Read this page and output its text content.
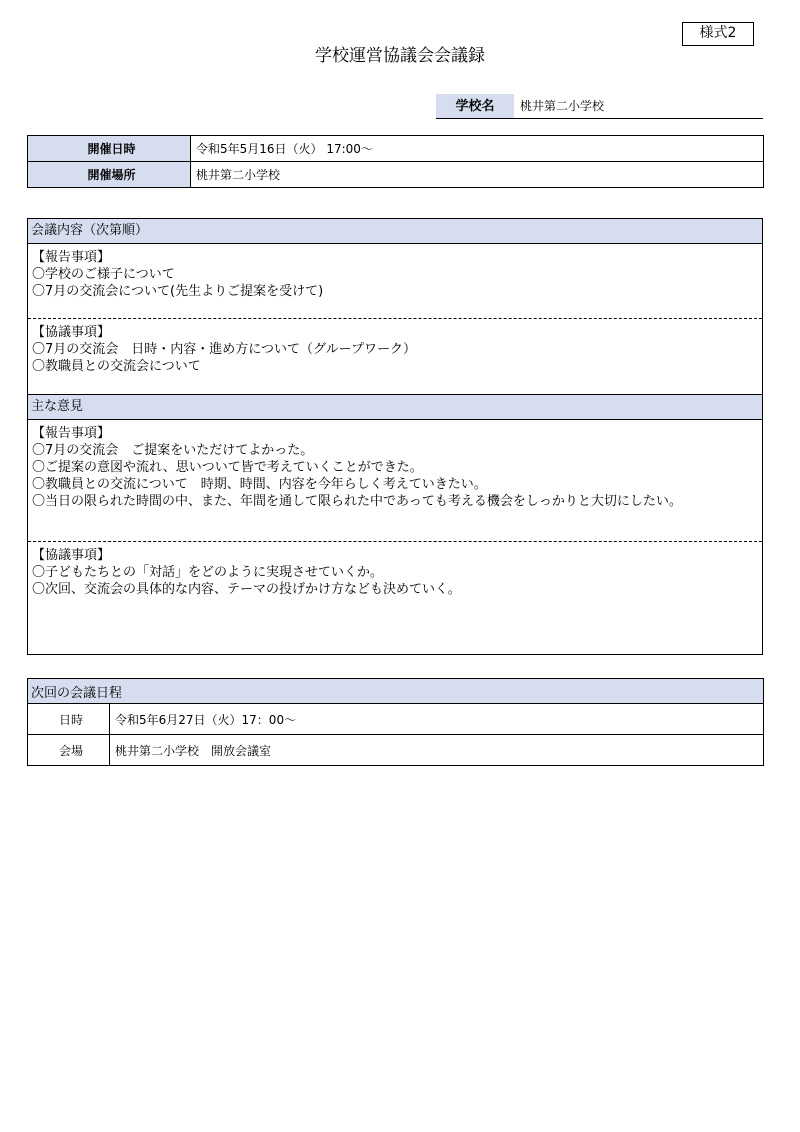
様式2
学校運営協議会会議録
学校名	桃井第二小学校
開催日時	令和5年5月16日（火） 17:00～
開催場所	桃井第二小学校
会議内容（次第順）
【報告事項】
〇学校のご様子について
〇7月の交流会について(先生よりご提案を受けて)
【協議事項】
〇7月の交流会　日時・内容・進め方について（グループワーク）
〇教職員との交流会について
主な意見
【報告事項】
〇7月の交流会　ご提案をいただけてよかった。
〇ご提案の意図や流れ、思いついて皆で考えていくことができた。
〇教職員との交流について　時期、時間、内容を今年らしく考えていきたい。
〇当日の限られた時間の中、また、年間を通して限られた中であっても考える機会をしっかりと大切にしたい。
【協議事項】
〇子どもたちとの「対話」をどのように実現させていくか。
〇次回、交流会の具体的な内容、テーマの投げかけ方なども決めていく。
次回の会議日程	
日時	令和5年6月27日（火）17：00～
会場	桃井第二小学校　開放会議室
